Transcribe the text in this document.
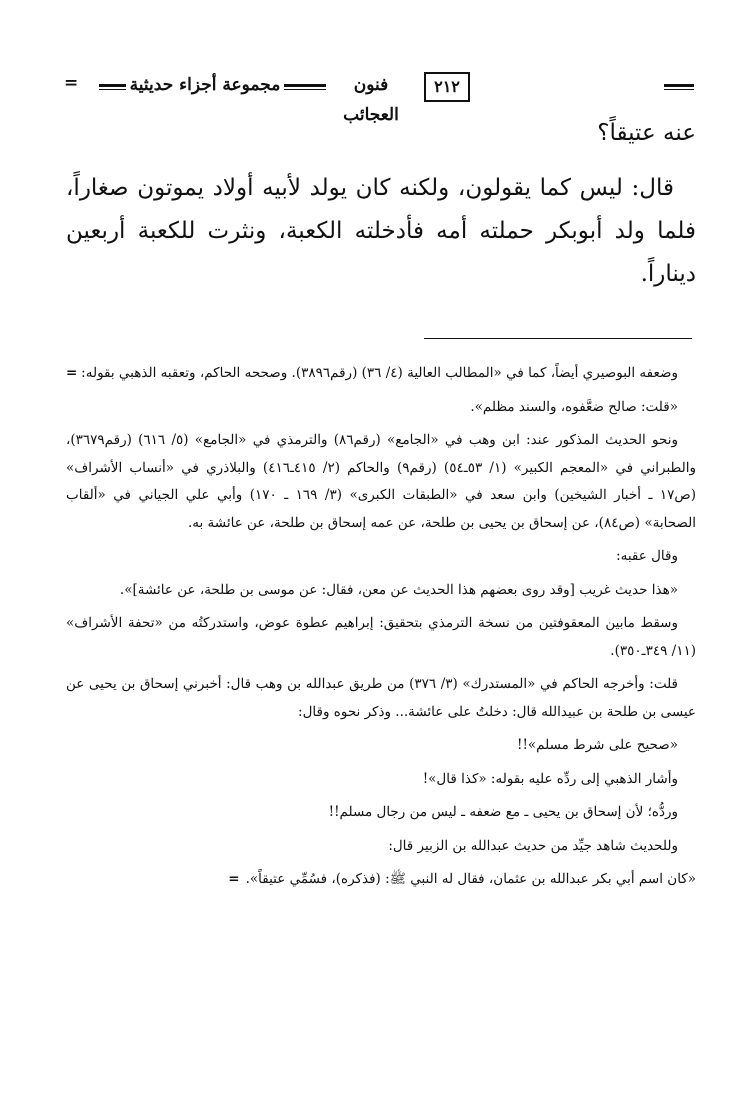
=	مجموعة أجزاء حديثية	فنون العجائب
٢١٢

عنه عتيقاً؟

قال: ليس كما يقولون، ولكنه كان يولد لأبيه أولاد يموتون صغاراً، فلما ولد أبوبكر حملته أمه فأدخلته الكعبة، ونثرت للكعبة أربعين ديناراً.

= وضعفه البوصيري أيضاً، كما في «المطالب العالية (٤/ ٣٦) (رقم٣٨٩٦). وصححه الحاكم، وتعقبه الذهبي بقوله:

«قلت: صالح ضعَّفوه، والسند مظلم».

ونحو الحديث المذكور عند: ابن وهب في «الجامع» (رقم٨٦) والترمذي في «الجامع» (٥/ ٦١٦) (رقم٣٦٧٩)، والطبراني في «المعجم الكبير» (١/ ٥٣ـ٥٤) (رقم٩) والحاكم (٢/ ٤١٥ـ٤١٦) والبلاذري في «أنساب الأشراف» (ص١٧ ـ أخبار الشيخين) وابن سعد في «الطبقات الكبرى» (٣/ ١٦٩ ـ ١٧٠) وأبي علي الجياني في «ألقاب الصحابة» (ص٨٤)، عن إسحاق بن يحيى بن طلحة، عن عمه إسحاق بن طلحة، عن عائشة به.

وقال عقبه:

«هذا حديث غريب [وقد روى بعضهم هذا الحديث عن معن، فقال: عن موسى بن طلحة، عن عائشة]».

وسقط مابين المعقوفتين من نسخة الترمذي بتحقيق: إبراهيم عطوة عوض، واستدركتُه من «تحفة الأشراف» (١١/ ٣٤٩ـ٣٥٠).

قلت: وأخرجه الحاكم في «المستدرك» (٣/ ٣٧٦) من طريق عبدالله بن وهب قال: أخبرني إسحاق بن يحيى عن عيسى بن طلحة بن عبيدالله قال: دخلتُ على عائشة... وذكر نحوه وقال:

«صحيح على شرط مسلم»!!

وأشار الذهبي إلى ردِّه عليه بقوله: «كذا قال»!

وردُّه؛ لأن إسحاق بن يحيى ـ مع ضعفه ـ ليس من رجال مسلم!!

وللحديث شاهد جيِّد من حديث عبدالله بن الزبير قال:

«كان اسم أبي بكر عبدالله بن عثمان، فقال له النبي ﷺ: (فذكره)، فسُمِّي عتيقاً».=
